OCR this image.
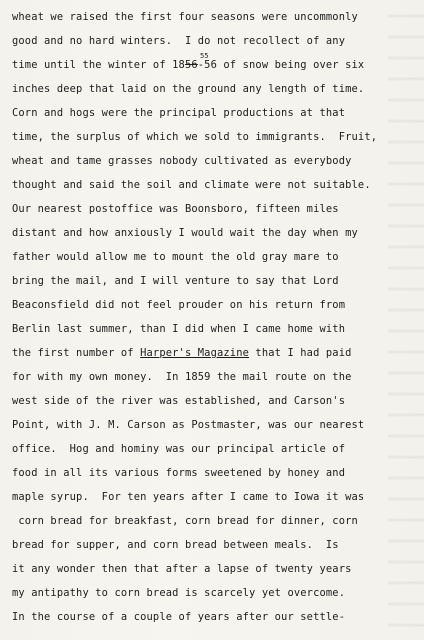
wheat we raised the first four seasons were uncommonly

good and no hard winters.  I do not recollect of any

time until the winter of 1856-56 of snow being over six

55

inches deep that laid on the ground any length of time.

Corn and hogs were the principal productions at that

time, the surplus of which we sold to immigrants.  Fruit,

wheat and tame grasses nobody cultivated as everybody

thought and said the soil and climate were not suitable.

Our nearest postoffice was Boonsboro, fifteen miles

distant and how anxiously I would wait the day when my

father would allow me to mount the old gray mare to

bring the mail, and I will venture to say that Lord

Beaconsfield did not feel prouder on his return from

Berlin last summer, than I did when I came home with

the first number of Harper's Magazine that I had paid

for with my own money.  In 1859 the mail route on the

west side of the river was established, and Carson's

Point, with J. M. Carson as Postmaster, was our nearest

office.  Hog and hominy was our principal article of

food in all its various forms sweetened by honey and

maple syrup.  For ten years after I came to Iowa it was

corn bread for breakfast, corn bread for dinner, corn

bread for supper, and corn bread between meals.  Is

it any wonder then that after a lapse of twenty years

my antipathy to corn bread is scarcely yet overcome.

In the course of a couple of years after our settle-
